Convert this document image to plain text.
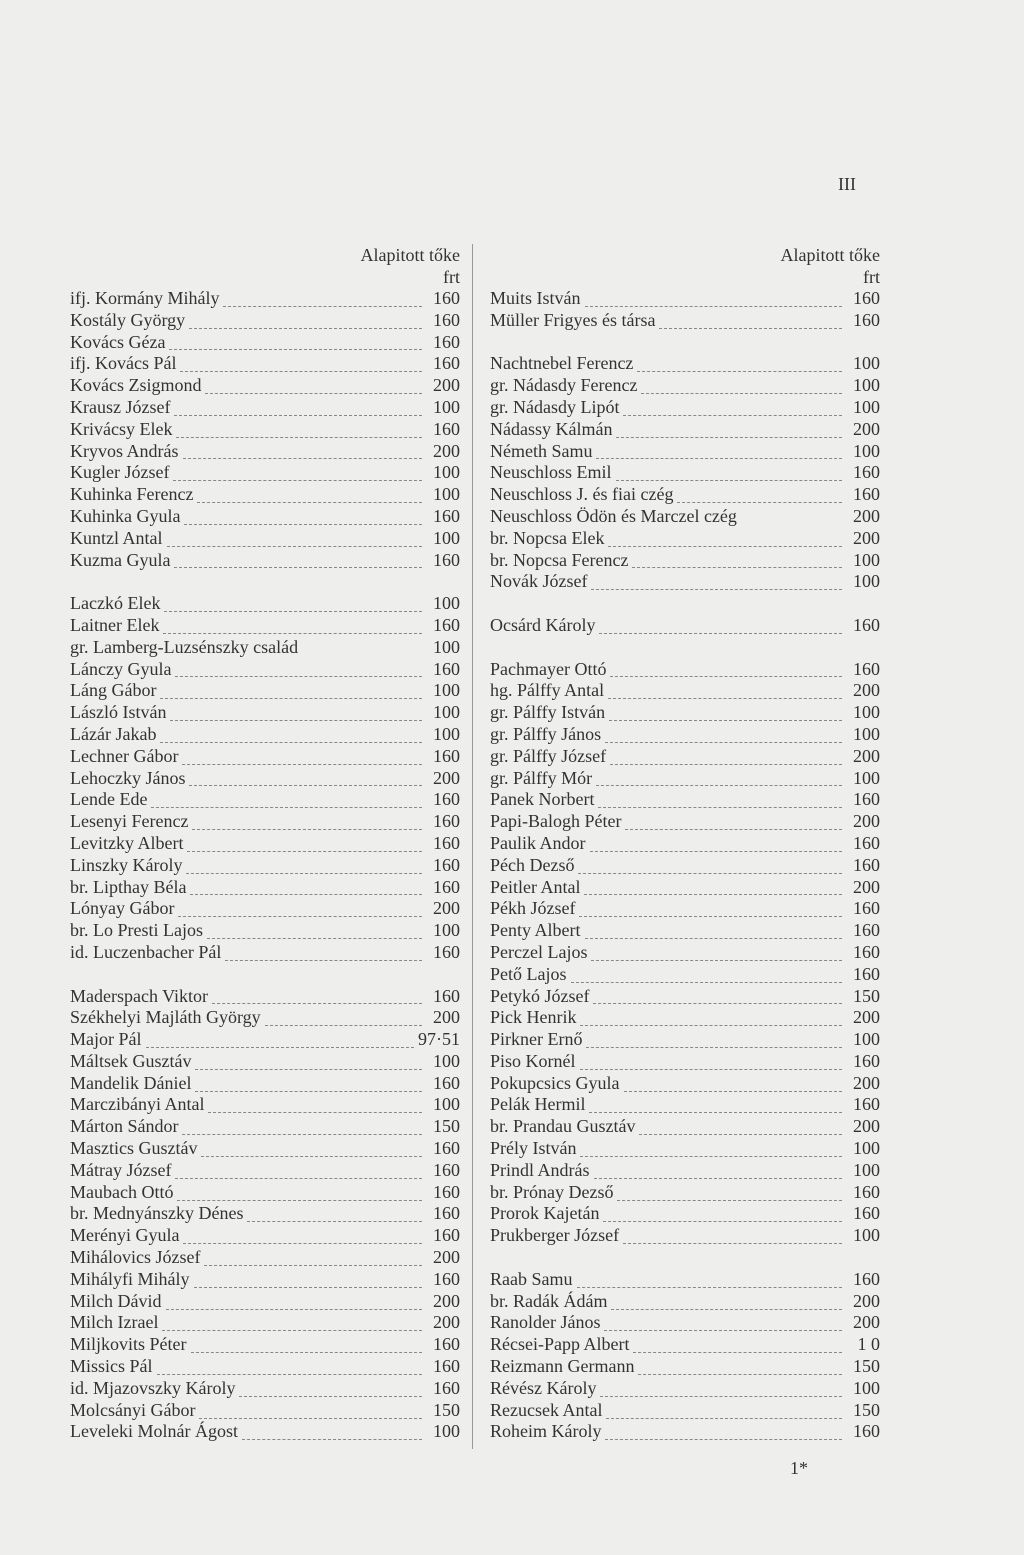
III
Alapitott tőke
frt
ifj. Kormány Mihály	160
Kostály György	160
Kovács Géza	160
ifj. Kovács Pál	160
Kovács Zsigmond	200
Krausz József	100
Krivácsy Elek	160
Kryvos András	200
Kugler József	100
Kuhinka Ferencz	100
Kuhinka Gyula	160
Kuntzl Antal	100
Kuzma Gyula	160
Laczkó Elek	100
Laitner Elek	160
gr. Lamberg-Luzsénszky család	100
Lánczy Gyula	160
Láng Gábor	100
László István	100
Lázár Jakab	100
Lechner Gábor	160
Lehoczky János	200
Lende Ede	160
Lesenyi Ferencz	160
Levitzky Albert	160
Linszky Károly	160
br. Lipthay Béla	160
Lónyay Gábor	200
br. Lo Presti Lajos	100
id. Luczenbacher Pál	160
Maderspach Viktor	160
Székhelyi Majláth György	200
Major Pál	97·51
Máltsek Gusztáv	100
Mandelik Dániel	160
Marczibányi Antal	100
Márton Sándor	150
Masztics Gusztáv	160
Mátray József	160
Maubach Ottó	160
br. Mednyánszky Dénes	160
Merényi Gyula	160
Mihálovics József	200
Mihályfi Mihály	160
Milch Dávid	200
Milch Izrael	200
Miljkovits Péter	160
Missics Pál	160
id. Mjazovszky Károly	160
Molcsányi Gábor	150
Leveleki Molnár Ágost	100
Alapitott tőke
frt
Muits István	160
Müller Frigyes és társa	160
Nachtnebel Ferencz	100
gr. Nádasdy Ferencz	100
gr. Nádasdy Lipót	100
Nádassy Kálmán	200
Németh Samu	100
Neuschloss Emil	160
Neuschloss J. és fiai czég	160
Neuschloss Ödön és Marczel czég	200
br. Nopcsa Elek	200
br. Nopcsa Ferencz	100
Novák József	100
Ocsárd Károly	160
Pachmayer Ottó	160
hg. Pálffy Antal	200
gr. Pálffy István	100
gr. Pálffy János	100
gr. Pálffy József	200
gr. Pálffy Mór	100
Panek Norbert	160
Papi-Balogh Péter	200
Paulik Andor	160
Péch Dezső	160
Peitler Antal	200
Pékh József	160
Penty Albert	160
Perczel Lajos	160
Pető Lajos	160
Petykó József	150
Pick Henrik	200
Pirkner Ernő	100
Piso Kornél	160
Pokupcsics Gyula	200
Pelák Hermil	160
br. Prandau Gusztáv	200
Prély István	100
Prindl András	100
br. Prónay Dezső	160
Prorok Kajetán	160
Prukberger József	100
Raab Samu	160
br. Radák Ádám	200
Ranolder János	200
Récsei-Papp Albert	1 0
Reizmann Germann	150
Révész Károly	100
Rezucsek Antal	150
Roheim Károly	160
1*
